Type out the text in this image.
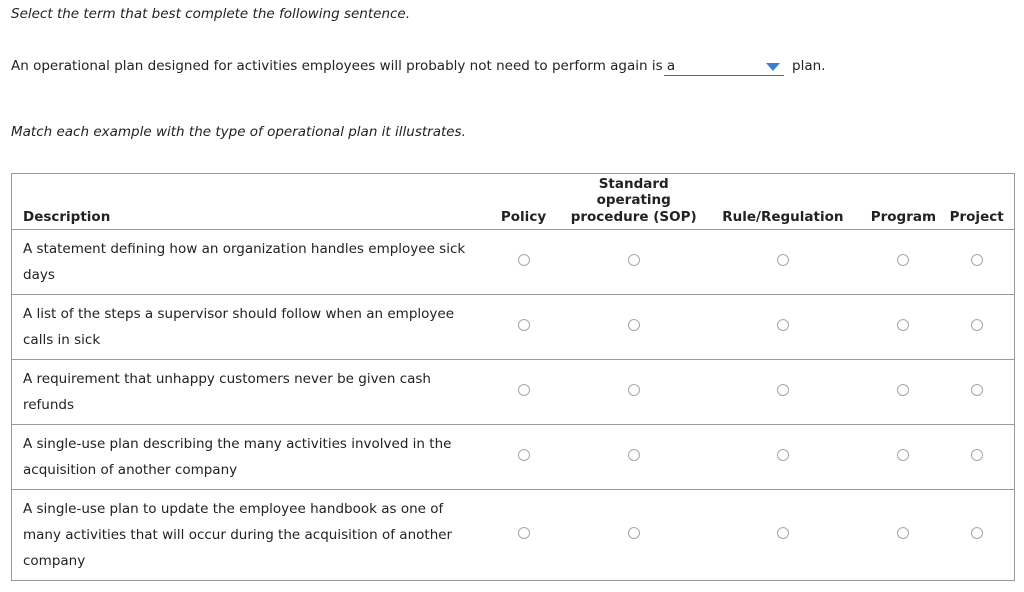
Select the term that best complete the following sentence.
An operational plan designed for activities employees will probably not need to perform again is a	plan.
Match each example with the type of operational plan it illustrates.
Description	Policy	Standard operating procedure (SOP)	Rule/Regulation	Program	Project
A statement defining how an organization handles employee sick days					
A list of the steps a supervisor should follow when an employee calls in sick					
A requirement that unhappy customers never be given cash refunds					
A single-use plan describing the many activities involved in the acquisition of another company					
A single-use plan to update the employee handbook as one of many activities that will occur during the acquisition of another company					
